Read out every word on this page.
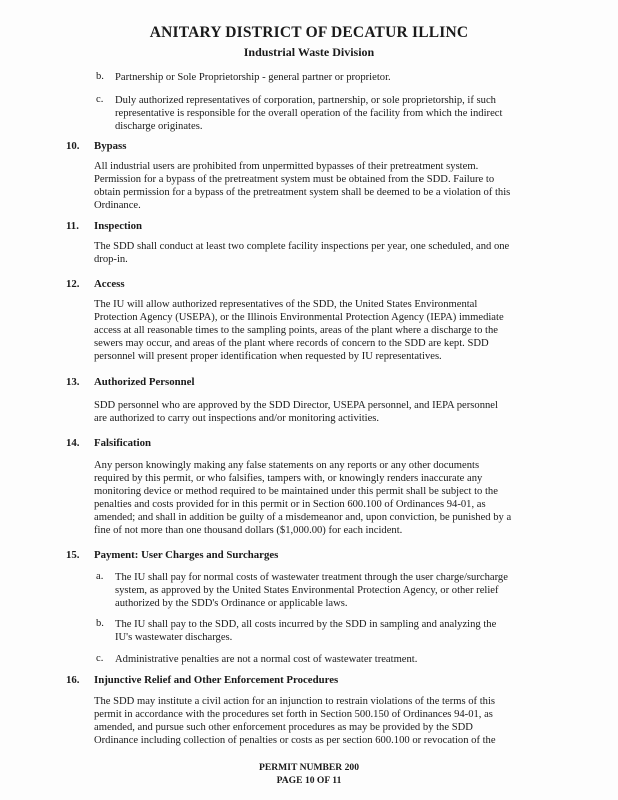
ANITARY DISTRICT OF DECATUR ILLINC
Industrial Waste Division
b. Partnership or Sole Proprietorship - general partner or proprietor.

c. Duly authorized representatives of corporation, partnership, or sole proprietorship, if such

representative is responsible for the overall operation of the facility from which the indirect

discharge originates.

10. Bypass

All industrial users are prohibited from unpermitted bypasses of their pretreatment system.

Permission for a bypass of the pretreatment system must be obtained from the SDD. Failure to

obtain permission for a bypass of the pretreatment system shall be deemed to be a violation of this

Ordinance.

11. Inspection

The SDD shall conduct at least two complete facility inspections per year, one scheduled, and one

drop-in.

12. Access

The IU will allow authorized representatives of the SDD, the United States Environmental

Protection Agency (USEPA), or the Illinois Environmental Protection Agency (IEPA) immediate

access at all reasonable times to the sampling points, areas of the plant where a discharge to the

sewers may occur, and areas of the plant where records of concern to the SDD are kept. SDD

personnel will present proper identification when requested by IU representatives.

13. Authorized Personnel

SDD personnel who are approved by the SDD Director, USEPA personnel, and IEPA personnel

are authorized to carry out inspections and/or monitoring activities.

14. Falsification

Any person knowingly making any false statements on any reports or any other documents

required by this permit, or who falsifies, tampers with, or knowingly renders inaccurate any

monitoring device or method required to be maintained under this permit shall be subject to the

penalties and costs provided for in this permit or in Section 600.100 of Ordinances 94-01, as

amended; and shall in addition be guilty of a misdemeanor and, upon conviction, be punished by a

fine of not more than one thousand dollars ($1,000.00) for each incident.

15. Payment: User Charges and Surcharges
a. The IU shall pay for normal costs of wastewater treatment through the user charge/surcharge

system, as approved by the United States Environmental Protection Agency, or other relief

authorized by the SDD's Ordinance or applicable laws.

b. The IU shall pay to the SDD, all costs incurred by the SDD in sampling and analyzing the

IU's wastewater discharges.

c. Administrative penalties are not a normal cost of wastewater treatment.

16. Injunctive Relief and Other Enforcement Procedures

The SDD may institute a civil action for an injunction to restrain violations of the terms of this

permit in accordance with the procedures set forth in Section 500.150 of Ordinances 94-01, as

amended, and pursue such other enforcement procedures as may be provided by the SDD

Ordinance including collection of penalties or costs as per section 600.100 or revocation of the

PERMIT NUMBER 200
PAGE 10 OF 11
